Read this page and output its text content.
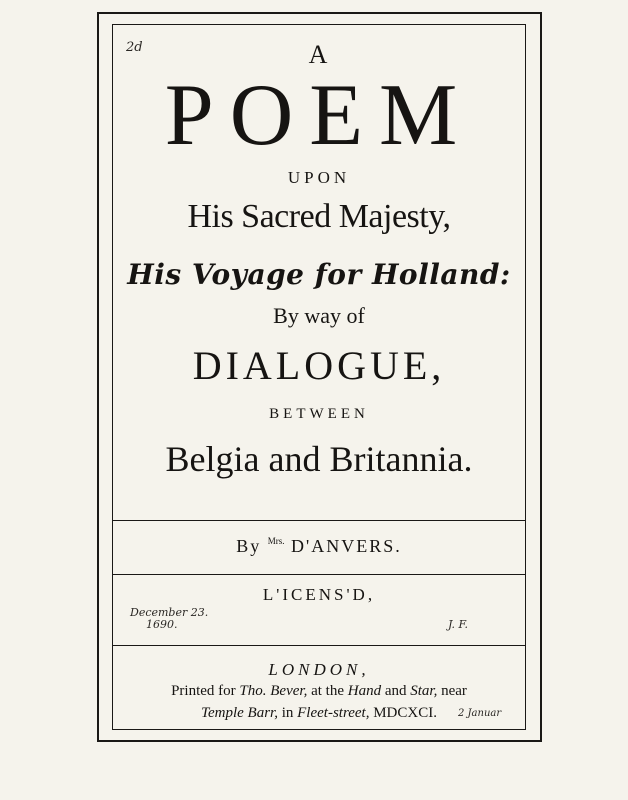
2d	A
POEM
UPON
His Sacred Majesty,
His Voyage for Holland:
By way of
DIALOGUE,
BETWEEN
Belgia and Britannia.
By $^{Mrs.}$ D'ANVERS.
L'ICENS'D,
December 23.
1690.	J. F.
LONDON,
Printed for Tho. Bever, at the Hand and Star, near
Temple Barr, in Fleet-street, MDCXCI.	2 Januar
